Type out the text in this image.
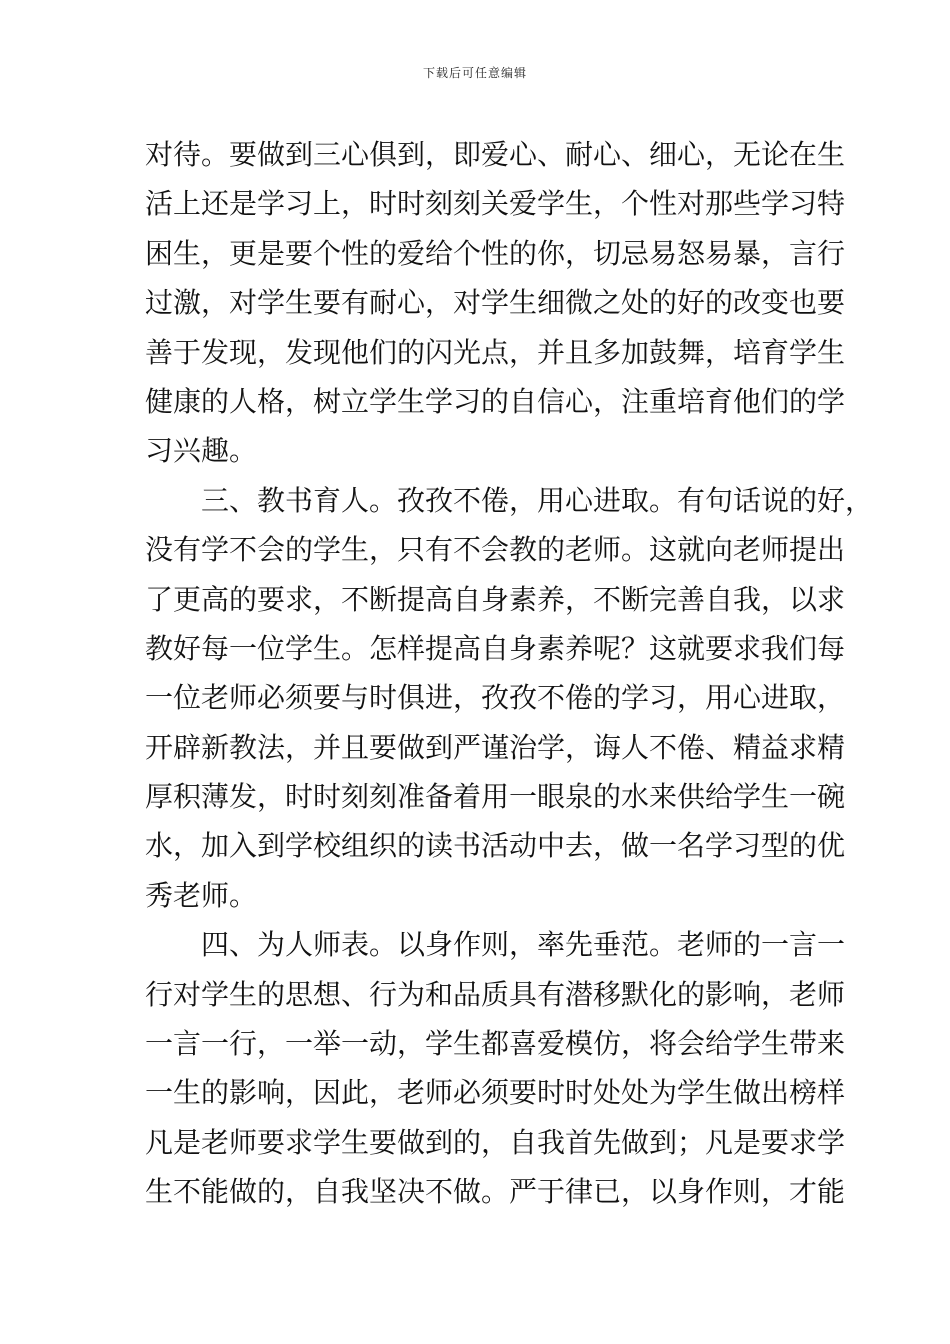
下载后可任意编辑
对待。要做到三心俱到，即爱心、耐心、细心，无论在生
活上还是学习上，时时刻刻关爱学生，个性对那些学习特
困生，更是要个性的爱给个性的你，切忌易怒易暴，言行
过激，对学生要有耐心，对学生细微之处的好的改变也要
善于发现，发现他们的闪光点，并且多加鼓舞，培育学生
健康的人格，树立学生学习的自信心，注重培育他们的学
习兴趣。
三、教书育人。孜孜不倦，用心进取。有句话说的好，
没有学不会的学生，只有不会教的老师。这就向老师提出
了更高的要求，不断提高自身素养，不断完善自我，以求
教好每一位学生。怎样提高自身素养呢？这就要求我们每
一位老师必须要与时俱进，孜孜不倦的学习，用心进取，
开辟新教法，并且要做到严谨治学，诲人不倦、精益求精
厚积薄发，时时刻刻准备着用一眼泉的水来供给学生一碗
水，加入到学校组织的读书活动中去，做一名学习型的优
秀老师。
四、为人师表。以身作则，率先垂范。老师的一言一
行对学生的思想、行为和品质具有潜移默化的影响，老师
一言一行，一举一动，学生都喜爱模仿，将会给学生带来
一生的影响，因此，老师必须要时时处处为学生做出榜样
凡是老师要求学生要做到的，自我首先做到；凡是要求学
生不能做的，自我坚决不做。严于律已，以身作则，才能
